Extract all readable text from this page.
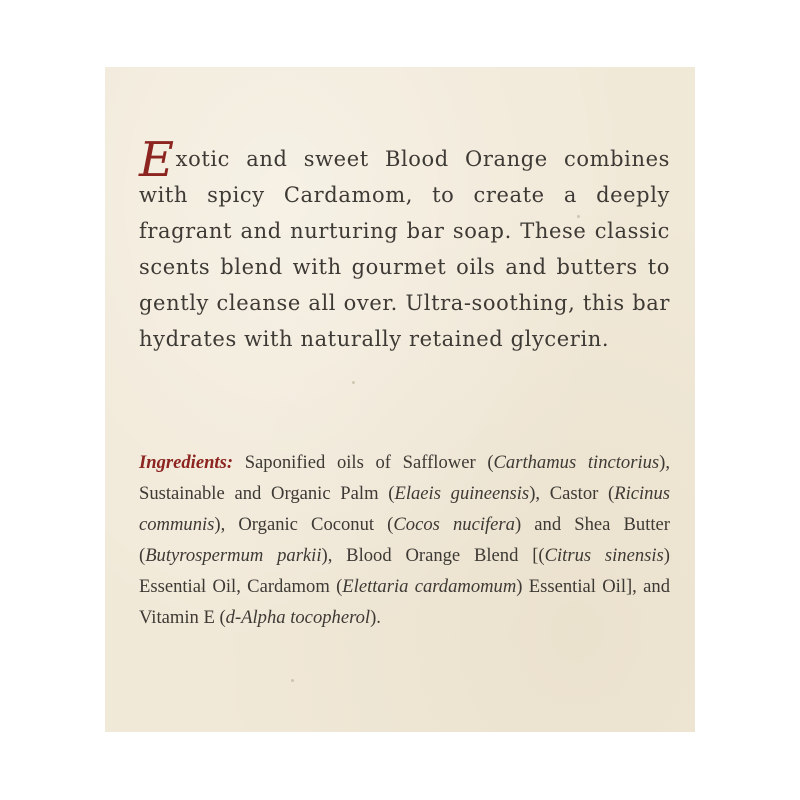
Exotic and sweet Blood Orange combines with spicy Cardamom, to create a deeply fragrant and nurturing bar soap. These classic scents blend with gourmet oils and butters to gently cleanse all over. Ultra-soothing, this bar hydrates with naturally retained glycerin.

Ingredients: Saponified oils of Safflower (Carthamus tinctorius), Sustainable and Organic Palm (Elaeis guineensis), Castor (Ricinus communis), Organic Coconut (Cocos nucifera) and Shea Butter (Butyrospermum parkii), Blood Orange Blend [(Citrus sinensis) Essential Oil, Cardamom (Elettaria cardamomum) Essential Oil], and Vitamin E (d-Alpha tocopherol).
